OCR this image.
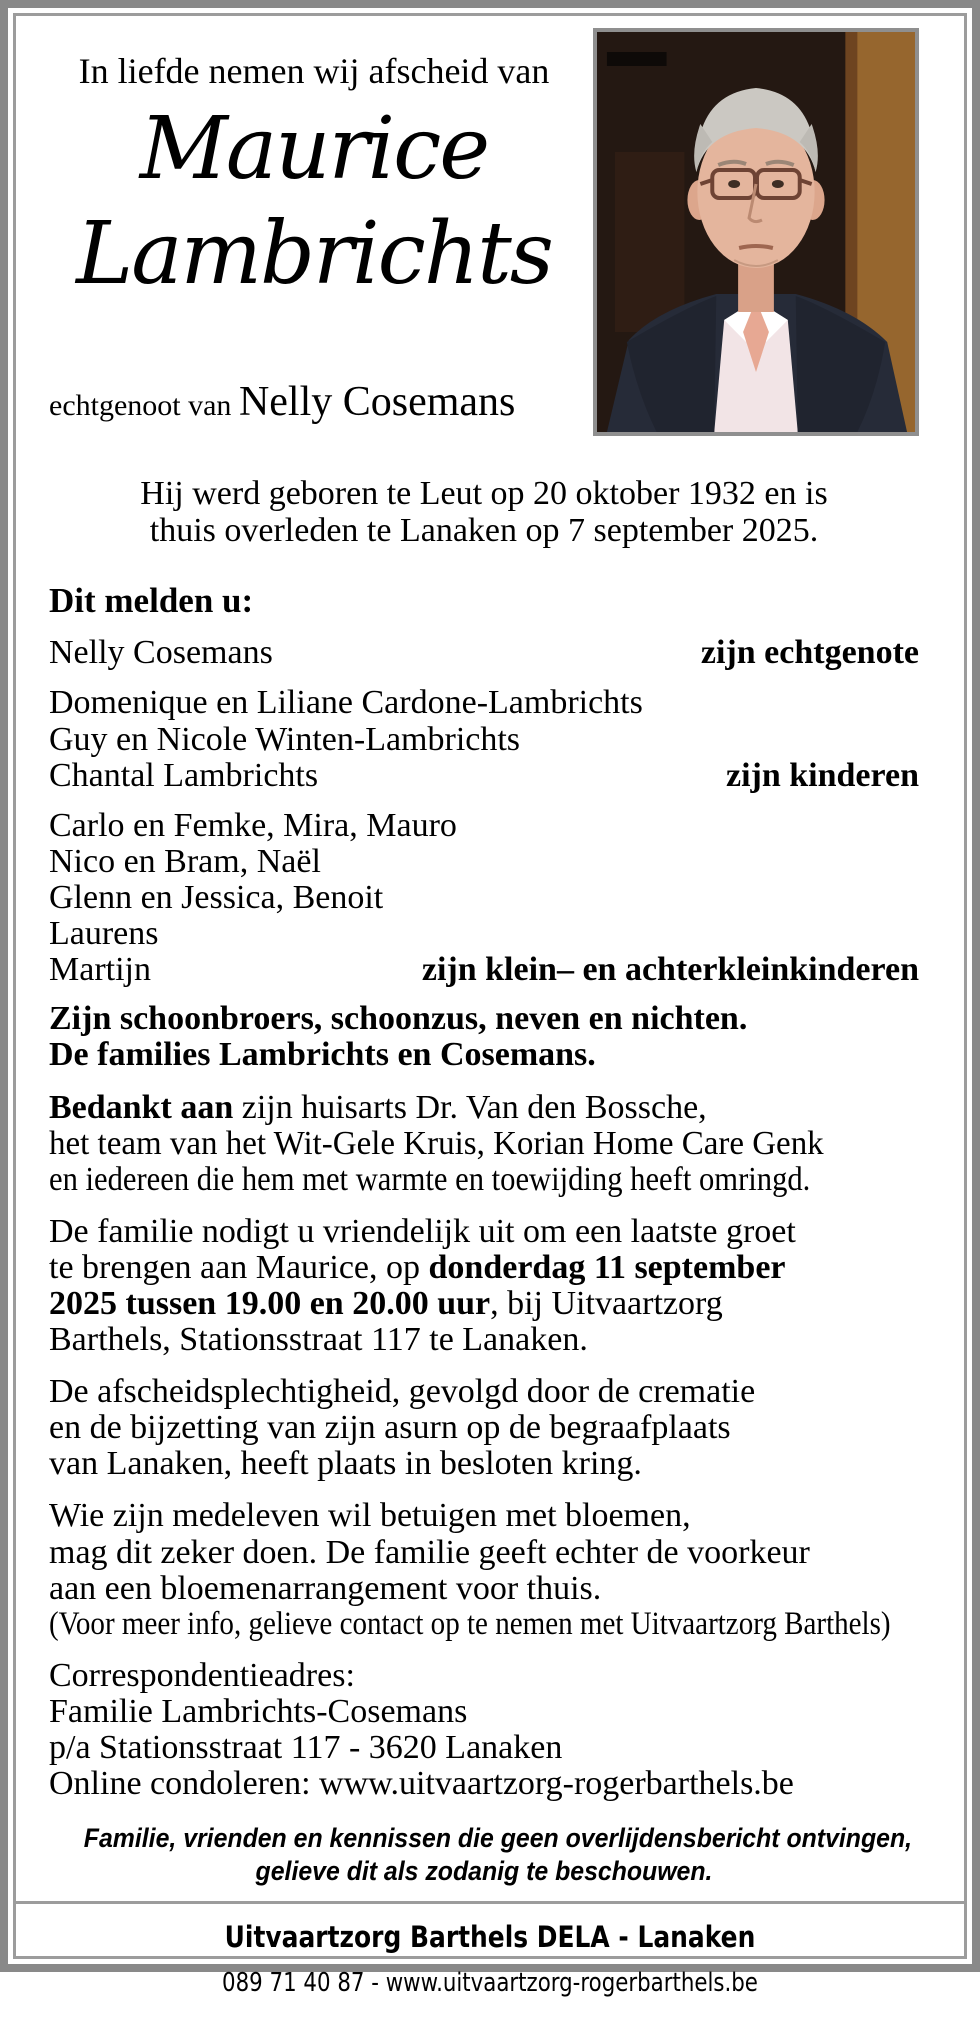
In liefde nemen wij afscheid van
Maurice
Lambrichts
echtgenoot van Nelly Cosemans
Hij werd geboren te Leut op 20 oktober 1932 en is
thuis overleden te Lanaken op 7 september 2025.
Dit melden u:
Nelly Cosemans	zijn echtgenote
Domenique en Liliane Cardone-Lambrichts
Guy en Nicole Winten-Lambrichts
Chantal Lambrichts	zijn kinderen
Carlo en Femke, Mira, Mauro
Nico en Bram, Naël
Glenn en Jessica, Benoit
Laurens
Martijn	zijn klein– en achterkleinkinderen
Zijn schoonbroers, schoonzus, neven en nichten.
De families Lambrichts en Cosemans.
Bedankt aan zijn huisarts Dr. Van den Bossche,
het team van het Wit-Gele Kruis, Korian Home Care Genk
en iedereen die hem met warmte en toewijding heeft omringd.
De familie nodigt u vriendelijk uit om een laatste groet
te brengen aan Maurice, op donderdag 11 september
2025 tussen 19.00 en 20.00 uur, bij Uitvaartzorg
Barthels, Stationsstraat 117 te Lanaken.
De afscheidsplechtigheid, gevolgd door de crematie
en de bijzetting van zijn asurn op de begraafplaats
van Lanaken, heeft plaats in besloten kring.
Wie zijn medeleven wil betuigen met bloemen,
mag dit zeker doen. De familie geeft echter de voorkeur
aan een bloemenarrangement voor thuis.
(Voor meer info, gelieve contact op te nemen met Uitvaartzorg Barthels)
Correspondentieadres:
Familie Lambrichts-Cosemans
p/a Stationsstraat 117 - 3620 Lanaken
Online condoleren: www.uitvaartzorg-rogerbarthels.be
Familie, vrienden en kennissen die geen overlijdensbericht ontvingen,
gelieve dit als zodanig te beschouwen.
Uitvaartzorg Barthels DELA - Lanaken
089 71 40 87 - www.uitvaartzorg-rogerbarthels.be
